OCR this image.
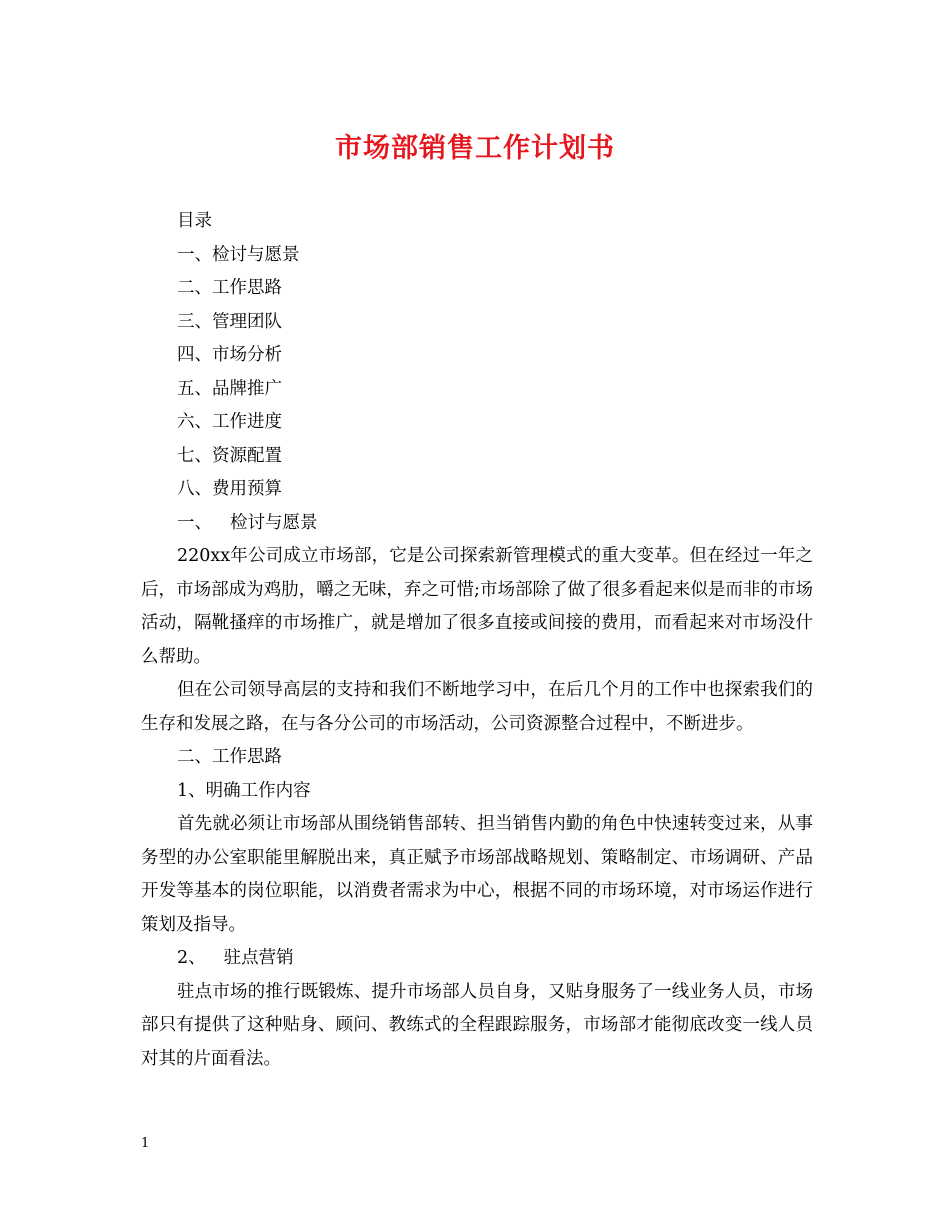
市场部销售工作计划书
目录
一、检讨与愿景
二、工作思路
三、管理团队
四、市场分析
五、品牌推广
六、工作进度
七、资源配置
八、费用预算
一、 检讨与愿景

220xx年公司成立市场部，它是公司探索新管理模式的重大变革。但在经过一年之后，市场部成为鸡肋，嚼之无味，弃之可惜;市场部除了做了很多看起来似是而非的市场活动，隔靴搔痒的市场推广，就是增加了很多直接或间接的费用，而看起来对市场没什么帮助。

但在公司领导高层的支持和我们不断地学习中，在后几个月的工作中也探索我们的生存和发展之路，在与各分公司的市场活动，公司资源整合过程中，不断进步。

二、工作思路
1、明确工作内容

首先就必须让市场部从围绕销售部转、担当销售内勤的角色中快速转变过来，从事务型的办公室职能里解脱出来，真正赋予市场部战略规划、策略制定、市场调研、产品开发等基本的岗位职能，以消费者需求为中心，根据不同的市场环境，对市场运作进行策划及指导。

2、 驻点营销

驻点市场的推行既锻炼、提升市场部人员自身，又贴身服务了一线业务人员，市场部只有提供了这种贴身、顾问、教练式的全程跟踪服务，市场部才能彻底改变一线人员对其的片面看法。

1
